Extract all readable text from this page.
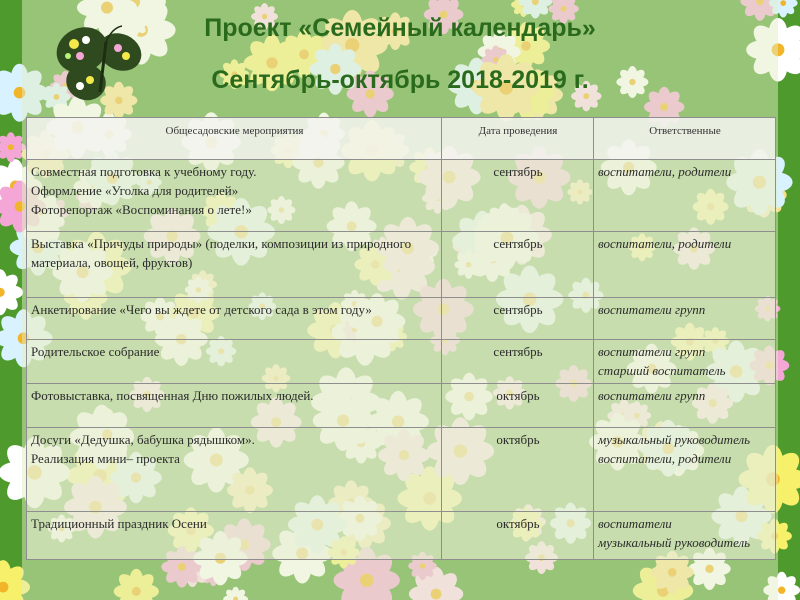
Проект «Семейный календарь»
Сентябрь-октябрь 2018-2019 г.
Общесадовские мероприятия	Дата проведения	Ответственные

Совместная подготовка к учебному году.
Оформление «Уголка для родителей»
Фоторепортаж «Воспоминания о лете!»	сентябрь	воспитатели, родители

Выставка «Причуды природы» (поделки, композиции из природного материала, овощей, фруктов)	сентябрь	воспитатели, родители

Анкетирование «Чего вы ждете от детского сада в этом году»	сентябрь	воспитатели групп

Родительское собрание	сентябрь	воспитатели групп
старший воспитатель

Фотовыставка, посвященная Дню пожилых людей.	октябрь	воспитатели групп

Досуги «Дедушка, бабушка рядышком».
Реализация мини– проекта	октябрь	музыкальный руководитель
воспитатели, родители

Традиционный праздник Осени	октябрь	воспитатели
музыкальный руководитель
